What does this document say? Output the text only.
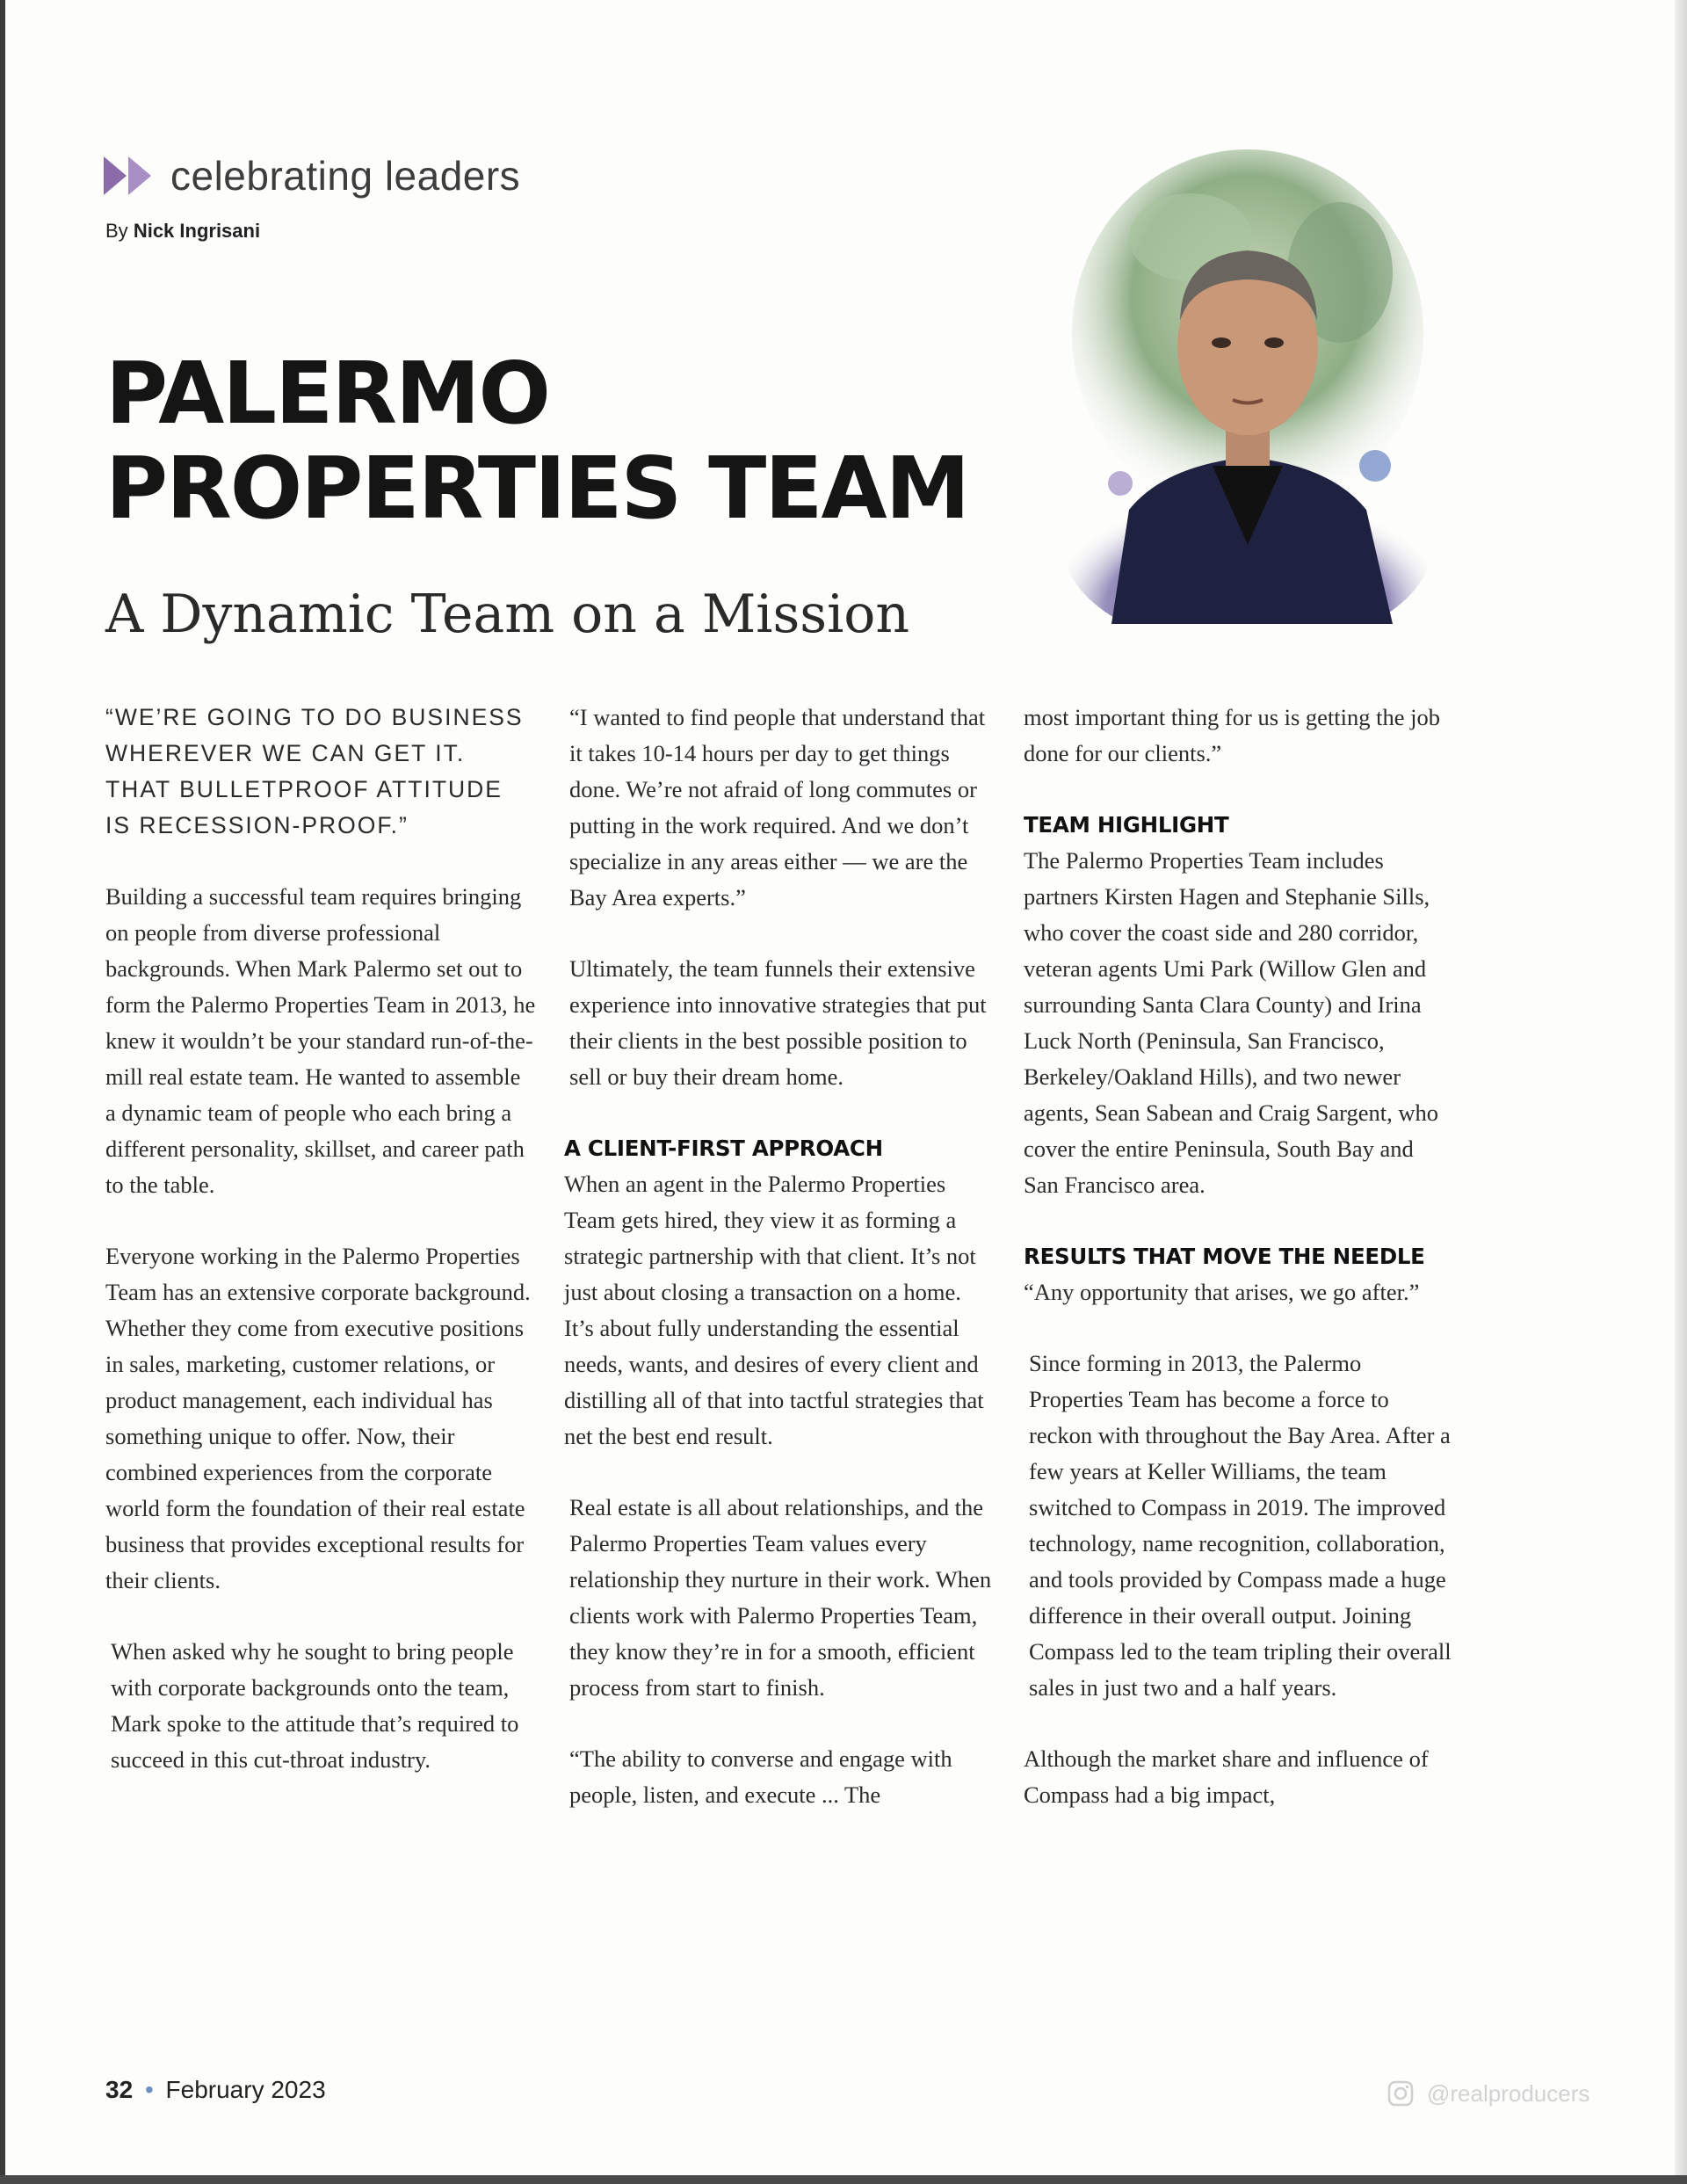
celebrating leaders
By Nick Ingrisani
PALERMO
PROPERTIES TEAM
A Dynamic Team on a Mission

“WE’RE GOING TO DO BUSINESS WHEREVER WE CAN GET IT. THAT BULLETPROOF ATTITUDE IS RECESSION-PROOF.”

Building a successful team requires bringing on people from diverse professional backgrounds. When Mark Palermo set out to form the Palermo Properties Team in 2013, he knew it wouldn’t be your standard run-of-the-mill real estate team. He wanted to assemble a dynamic team of people who each bring a different personality, skillset, and career path to the table.

Everyone working in the Palermo Properties Team has an extensive corporate background. Whether they come from executive positions in sales, marketing, customer relations, or product management, each individual has something unique to offer. Now, their combined experiences from the corporate world form the foundation of their real estate business that provides exceptional results for their clients.

When asked why he sought to bring people with corporate backgrounds onto the team, Mark spoke to the attitude that’s required to succeed in this cut-throat industry.

“I wanted to find people that understand that it takes 10-14 hours per day to get things done. We’re not afraid of long commutes or putting in the work required. And we don’t specialize in any areas either — we are the Bay Area experts.”

Ultimately, the team funnels their extensive experience into innovative strategies that put their clients in the best possible position to sell or buy their dream home.

A CLIENT-FIRST APPROACH

When an agent in the Palermo Properties Team gets hired, they view it as forming a strategic partnership with that client. It’s not just about closing a transaction on a home. It’s about fully understanding the essential needs, wants, and desires of every client and distilling all of that into tactful strategies that net the best end result.

Real estate is all about relationships, and the Palermo Properties Team values every relationship they nurture in their work. When clients work with Palermo Properties Team, they know they’re in for a smooth, efficient process from start to finish.

“The ability to converse and engage with people, listen, and execute ... The

most important thing for us is getting the job done for our clients.”

TEAM HIGHLIGHT

The Palermo Properties Team includes partners Kirsten Hagen and Stephanie Sills, who cover the coast side and 280 corridor, veteran agents Umi Park (Willow Glen and surrounding Santa Clara County) and Irina Luck North (Peninsula, San Francisco, Berkeley/Oakland Hills), and two newer agents, Sean Sabean and Craig Sargent, who cover the entire Peninsula, South Bay and San Francisco area.

RESULTS THAT MOVE THE NEEDLE

“Any opportunity that arises, we go after.”

Since forming in 2013, the Palermo Properties Team has become a force to reckon with throughout the Bay Area. After a few years at Keller Williams, the team switched to Compass in 2019. The improved technology, name recognition, collaboration, and tools provided by Compass made a huge difference in their overall output. Joining Compass led to the team tripling their overall sales in just two and a half years.

Although the market share and influence of Compass had a big impact,

32 • February 2023	@realproducers
